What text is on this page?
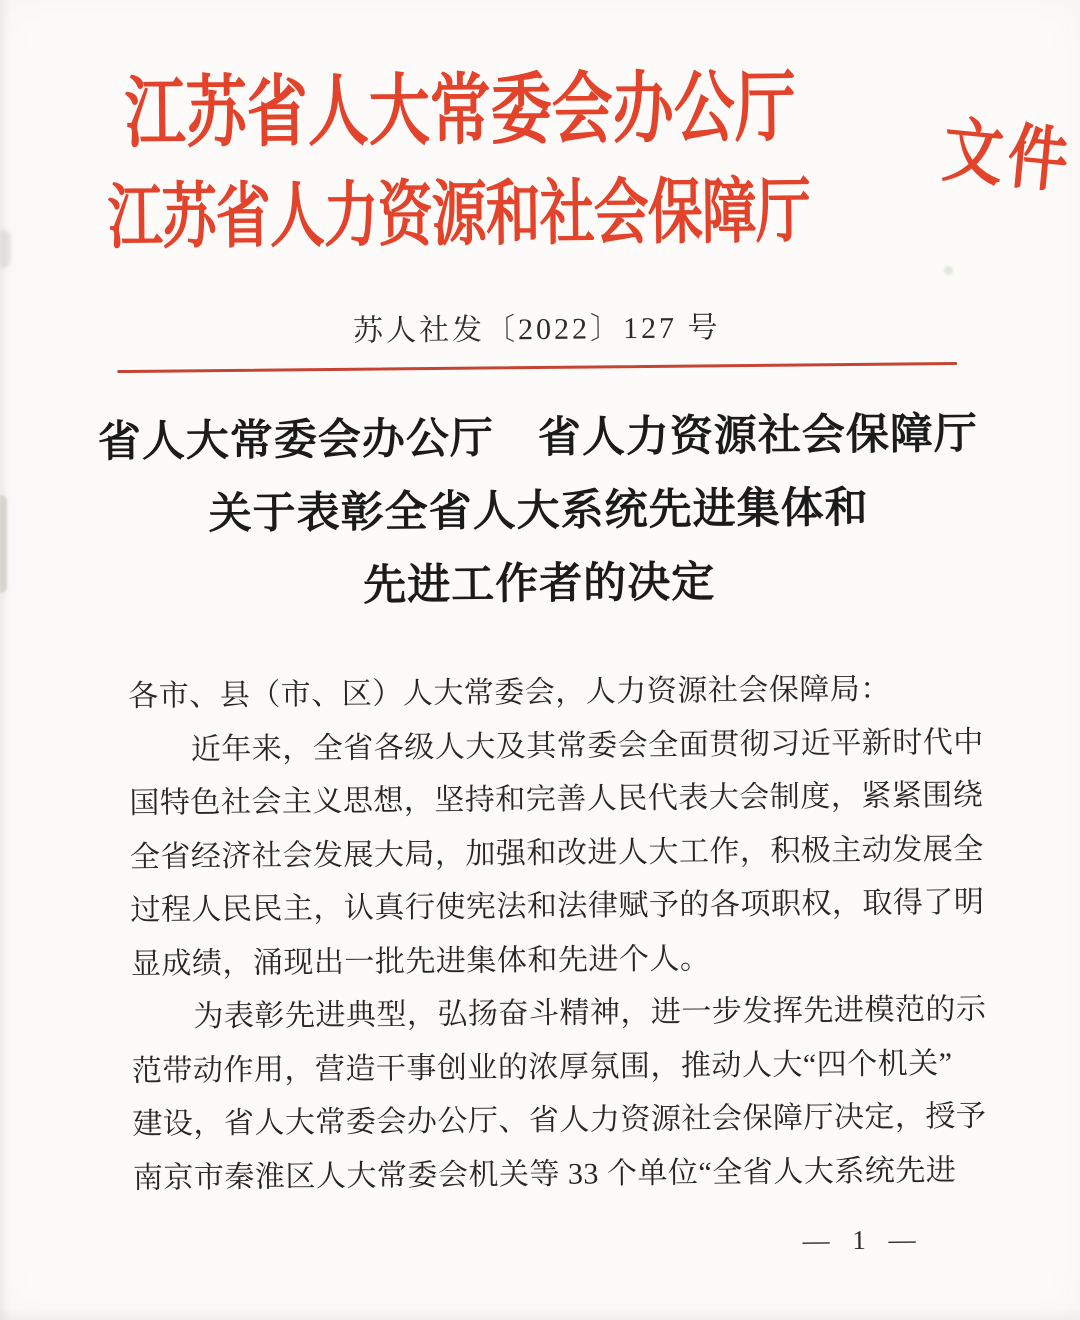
江苏省人大常委会办公厅
江苏省人力资源和社会保障厅
文件
苏人社发〔2022〕127 号
省人大常委会办公厅　省人力资源社会保障厅
关于表彰全省人大系统先进集体和
先进工作者的决定
各市、县（市、区）人大常委会，人力资源社会保障局：
近年来，全省各级人大及其常委会全面贯彻习近平新时代中
国特色社会主义思想，坚持和完善人民代表大会制度，紧紧围绕
全省经济社会发展大局，加强和改进人大工作，积极主动发展全
过程人民民主，认真行使宪法和法律赋予的各项职权，取得了明
显成绩，涌现出一批先进集体和先进个人。
为表彰先进典型，弘扬奋斗精神，进一步发挥先进模范的示
范带动作用，营造干事创业的浓厚氛围，推动人大“四个机关”
建设，省人大常委会办公厅、省人力资源社会保障厅决定，授予
南京市秦淮区人大常委会机关等 33 个单位“全省人大系统先进
— 1 —
